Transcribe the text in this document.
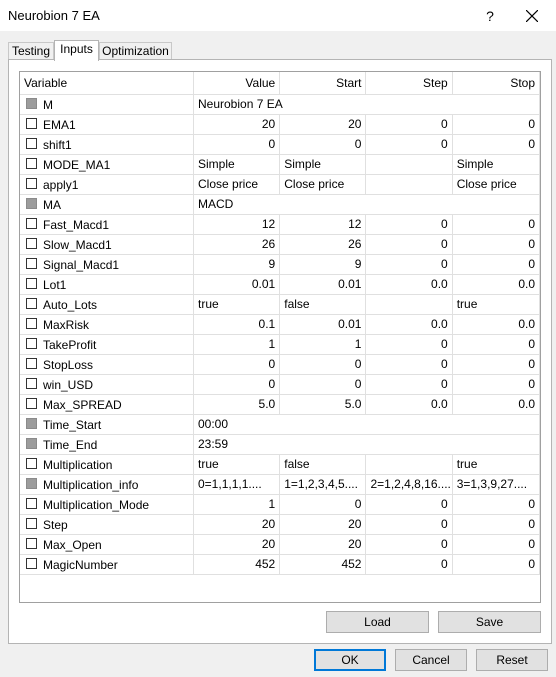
Neurobion 7 EA	?
Testing Inputs Optimization
Variable	Value	Start	Step	Stop
M	Neurobion 7 EA			
EMA1	20	20	0	0
shift1	0	0	0	0
MODE_MA1	Simple	Simple		Simple
apply1	Close price	Close price		Close price
MA	MACD			
Fast_Macd1	12	12	0	0
Slow_Macd1	26	26	0	0
Signal_Macd1	9	9	0	0
Lot1	0.01	0.01	0.0	0.0
Auto_Lots	true	false		true
MaxRisk	0.1	0.01	0.0	0.0
TakeProfit	1	1	0	0
StopLoss	0	0	0	0
win_USD	0	0	0	0
Max_SPREAD	5.0	5.0	0.0	0.0
Time_Start	00:00			
Time_End	23:59			
Multiplication	true	false		true
Multiplication_info	0=1,1,1,1....	1=1,2,3,4,5....	2=1,2,4,8,16....	3=1,3,9,27....
Multiplication_Mode	1	0	0	0
Step	20	20	0	0
Max_Open	20	20	0	0
MagicNumber	452	452	0	0
Load	Save
OK	Cancel	Reset
